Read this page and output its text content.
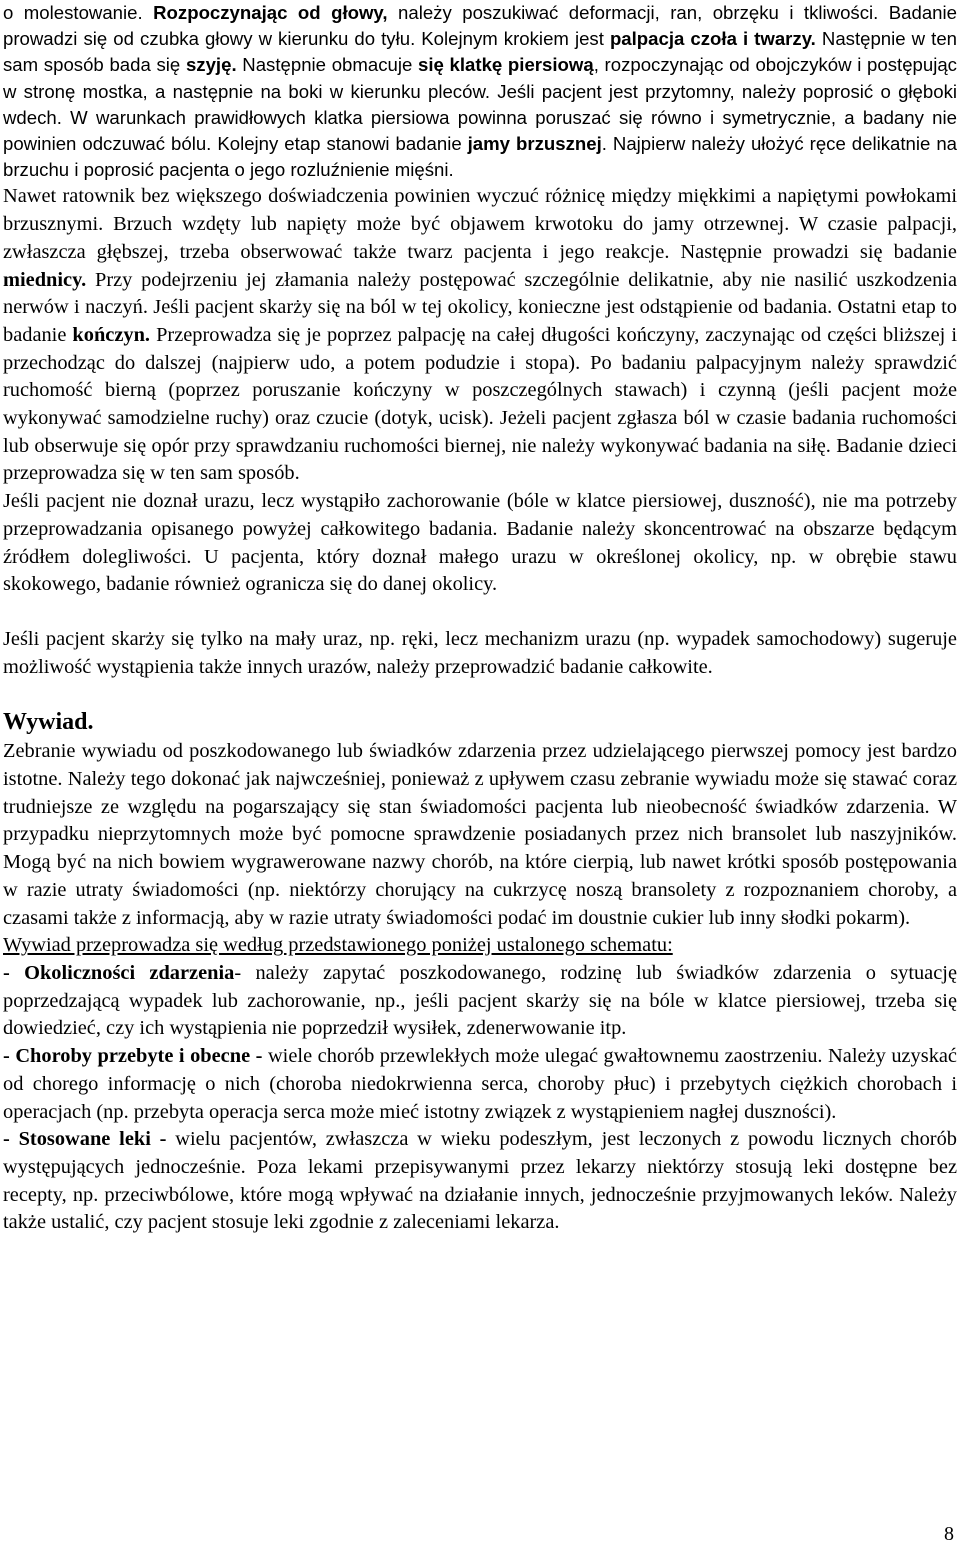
o molestowanie. Rozpoczynając od głowy, należy poszukiwać deformacji, ran, obrzęku i tkliwości. Badanie prowadzi się od czubka głowy w kierunku do tyłu. Kolejnym krokiem jest palpacja czoła i twarzy. Następnie w ten sam sposób bada się szyję. Następnie obmacuje się klatkę piersiową, rozpoczynając od obojczyków i postępując w stronę mostka, a następnie na boki w kierunku pleców. Jeśli pacjent jest przytomny, należy poprosić o głęboki wdech. W warunkach prawidłowych klatka piersiowa powinna poruszać się równo i symetrycznie, a badany nie powinien odczuwać bólu. Kolejny etap stanowi badanie jamy brzusznej. Najpierw należy ułożyć ręce delikatnie na brzuchu i poprosić pacjenta o jego rozluźnienie mięśni.

Nawet ratownik bez większego doświadczenia powinien wyczuć różnicę między miękkimi a napiętymi powłokami brzusznymi. Brzuch wzdęty lub napięty może być objawem krwotoku do jamy otrzewnej. W czasie palpacji, zwłaszcza głębszej, trzeba obserwować także twarz pacjenta i jego reakcje. Następnie prowadzi się badanie miednicy. Przy podejrzeniu jej złamania należy postępować szczególnie delikatnie, aby nie nasilić uszkodzenia nerwów i naczyń. Jeśli pacjent skarży się na ból w tej okolicy, konieczne jest odstąpienie od badania. Ostatni etap to badanie kończyn. Przeprowadza się je poprzez palpację na całej długości kończyny, zaczynając od części bliższej i przechodząc do dalszej (najpierw udo, a potem podudzie i stopa). Po badaniu palpacyjnym należy sprawdzić ruchomość bierną (poprzez poruszanie kończyny w poszczególnych stawach) i czynną (jeśli pacjent może wykonywać samodzielne ruchy) oraz czucie (dotyk, ucisk). Jeżeli pacjent zgłasza ból w czasie badania ruchomości lub obserwuje się opór przy sprawdzaniu ruchomości biernej, nie należy wykonywać badania na siłę. Badanie dzieci przeprowadza się w ten sam sposób.

Jeśli pacjent nie doznał urazu, lecz wystąpiło zachorowanie (bóle w klatce piersiowej, duszność), nie ma potrzeby przeprowadzania opisanego powyżej całkowitego badania. Badanie należy skoncentrować na obszarze będącym źródłem dolegliwości. U pacjenta, który doznał małego urazu w określonej okolicy, np. w obrębie stawu skokowego, badanie również ogranicza się do danej okolicy.

Jeśli pacjent skarży się tylko na mały uraz, np. ręki, lecz mechanizm urazu (np. wypadek samochodowy) sugeruje możliwość wystąpienia także innych urazów, należy przeprowadzić badanie całkowite.

Wywiad.

Zebranie wywiadu od poszkodowanego lub świadków zdarzenia przez udzielającego pierwszej pomocy jest bardzo istotne. Należy tego dokonać jak najwcześniej, ponieważ z upływem czasu zebranie wywiadu może się stawać coraz trudniejsze ze względu na pogarszający się stan świadomości pacjenta lub nieobecność świadków zdarzenia. W przypadku nieprzytomnych może być pomocne sprawdzenie posiadanych przez nich bransolet lub naszyjników. Mogą być na nich bowiem wygrawerowane nazwy chorób, na które cierpią, lub nawet krótki sposób postępowania w razie utraty świadomości (np. niektórzy chorujący na cukrzycę noszą bransolety z rozpoznaniem choroby, a czasami także z informacją, aby w razie utraty świadomości podać im doustnie cukier lub inny słodki pokarm).

Wywiad przeprowadza się według przedstawionego poniżej ustalonego schematu:

- Okoliczności zdarzenia- należy zapytać poszkodowanego, rodzinę lub świadków zdarzenia o sytuację poprzedzającą wypadek lub zachorowanie, np., jeśli pacjent skarży się na bóle w klatce piersiowej, trzeba się dowiedzieć, czy ich wystąpienia nie poprzedził wysiłek, zdenerwowanie itp.

- Choroby przebyte i obecne - wiele chorób przewlekłych może ulegać gwałtownemu zaostrzeniu. Należy uzyskać od chorego informację o nich (choroba niedokrwienna serca, choroby płuc) i przebytych ciężkich chorobach i operacjach (np. przebyta operacja serca może mieć istotny związek z wystąpieniem nagłej duszności).

- Stosowane leki - wielu pacjentów, zwłaszcza w wieku podeszłym, jest leczonych z powodu licznych chorób występujących jednocześnie. Poza lekami przepisywanymi przez lekarzy niektórzy stosują leki dostępne bez recepty, np. przeciwbólowe, które mogą wpływać na działanie innych, jednocześnie przyjmowanych leków. Należy także ustalić, czy pacjent stosuje leki zgodnie z zaleceniami lekarza.

8
